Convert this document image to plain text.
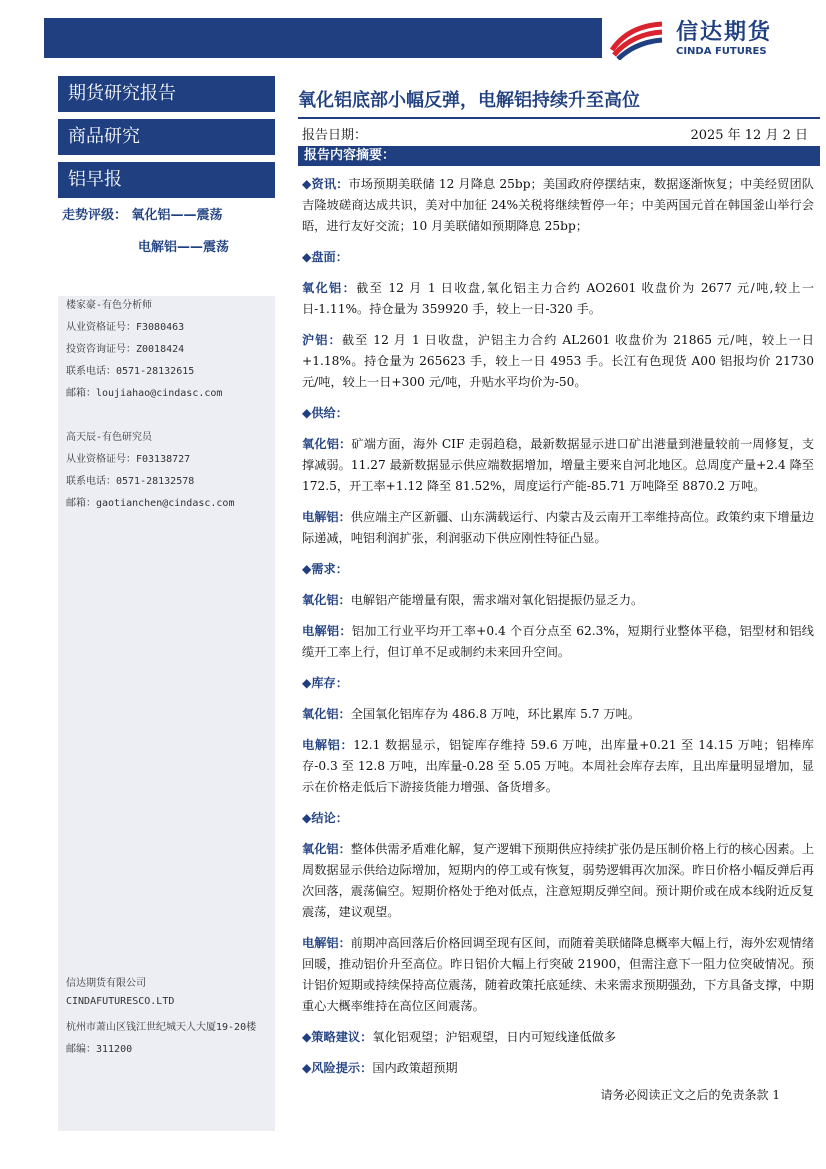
信达期货
CINDA FUTURES
期货研究报告
商品研究
铝早报
走势评级： 氧化铝——震荡
电解铝——震荡
楼家豪-有色分析师
从业资格证号：F3080463
投资咨询证号：Z0018424
联系电话：0571-28132615
邮箱：loujiahao@cindasc.com
高天辰-有色研究员
从业资格证号：F03138727
联系电话：0571-28132578
邮箱：gaotianchen@cindasc.com
信达期货有限公司
CINDAFUTURESCO.LTD
杭州市萧山区钱江世纪城天人大厦19-20楼
邮编：311200
氧化铝底部小幅反弹，电解铝持续升至高位
报告日期：	2025 年 12 月 2 日
报告内容摘要：

◆资讯：市场预期美联储 12 月降息 25bp；美国政府停摆结束，数据逐渐恢复；中美经贸团队吉隆坡磋商达成共识，美对中加征 24%关税将继续暂停一年；中美两国元首在韩国釜山举行会晤，进行友好交流；10 月美联储如预期降息 25bp；

◆盘面：

氧化铝：截至 12 月 1 日收盘,氧化铝主力合约 AO2601 收盘价为 2677 元/吨,较上一日-1.11%。持仓量为 359920 手，较上一日-320 手。

沪铝：截至 12 月 1 日收盘，沪铝主力合约 AL2601 收盘价为 21865 元/吨，较上一日+1.18%。持仓量为 265623 手，较上一日 4953 手。长江有色现货 A00 铝报均价 21730 元/吨，较上一日+300 元/吨，升贴水平均价为-50。

◆供给：

氧化铝：矿端方面，海外 CIF 走弱趋稳，最新数据显示进口矿出港量到港量较前一周修复，支撑减弱。11.27 最新数据显示供应端数据增加，增量主要来自河北地区。总周度产量+2.4 降至 172.5，开工率+1.12 降至 81.52%，周度运行产能-85.71 万吨降至 8870.2 万吨。

电解铝：供应端主产区新疆、山东满载运行、内蒙古及云南开工率维持高位。政策约束下增量边际递减，吨铝利润扩张，利润驱动下供应刚性特征凸显。

◆需求：

氧化铝：电解铝产能增量有限，需求端对氧化铝提振仍显乏力。

电解铝：铝加工行业平均开工率+0.4 个百分点至 62.3%，短期行业整体平稳，铝型材和铝线缆开工率上行，但订单不足或制约未来回升空间。

◆库存：

氧化铝：全国氧化铝库存为 486.8 万吨，环比累库 5.7 万吨。

电解铝：12.1 数据显示，铝锭库存维持 59.6 万吨，出库量+0.21 至 14.15 万吨；铝棒库存-0.3 至 12.8 万吨，出库量-0.28 至 5.05 万吨。本周社会库存去库，且出库量明显增加，显示在价格走低后下游接货能力增强、备货增多。

◆结论：

氧化铝：整体供需矛盾难化解，复产逻辑下预期供应持续扩张仍是压制价格上行的核心因素。上周数据显示供给边际增加，短期内的停工或有恢复，弱势逻辑再次加深。昨日价格小幅反弹后再次回落，震荡偏空。短期价格处于绝对低点，注意短期反弹空间。预计期价或在成本线附近反复震荡，建议观望。

电解铝：前期冲高回落后价格回调至现有区间，而随着美联储降息概率大幅上行，海外宏观情绪回暖，推动铝价升至高位。昨日铝价大幅上行突破 21900，但需注意下一阻力位突破情况。预计铝价短期或持续保持高位震荡，随着政策托底延续、未来需求预期强劲，下方具备支撑，中期重心大概率维持在高位区间震荡。

◆策略建议：氧化铝观望；沪铝观望，日内可短线逢低做多

◆风险提示：国内政策超预期

请务必阅读正文之后的免责条款 1
